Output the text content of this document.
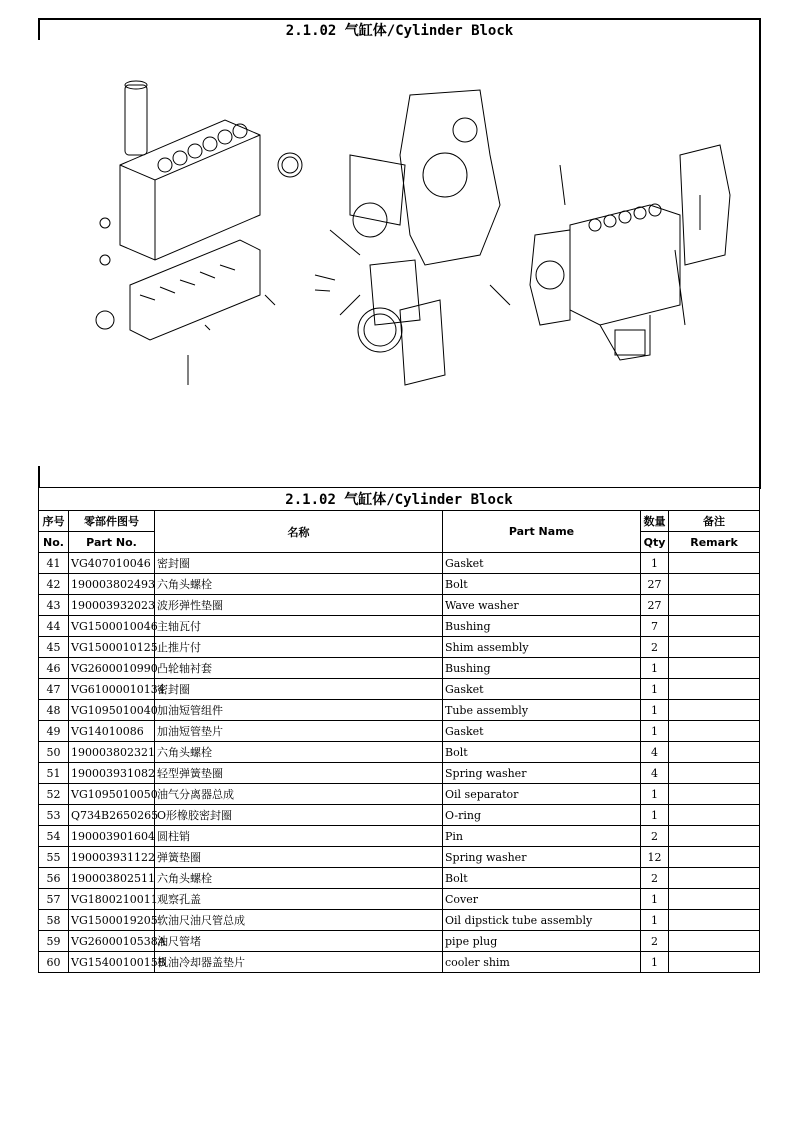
2.1.02 气缸体/Cylinder Block
2.1.02 气缸体/Cylinder Block					
序号	零部件图号	名称	Part Name	数量	备注
No.	Part No.			Qty	Remark
41	VG407010046	密封圈	Gasket	1	
42	190003802493	六角头螺栓	Bolt	27	
43	190003932023	波形弹性垫圈	Wave washer	27	
44	VG1500010046	主轴瓦付	Bushing	7	
45	VG1500010125	止推片付	Shim assembly	2	
46	VG2600010990	凸轮轴衬套	Bushing	1	
47	VG61000010134	密封圈	Gasket	1	
48	VG1095010040	加油短管组件	Tube assembly	1	
49	VG14010086	加油短管垫片	Gasket	1	
50	190003802321	六角头螺栓	Bolt	4	
51	190003931082	轻型弹簧垫圈	Spring washer	4	
52	VG1095010050	油气分离器总成	Oil separator	1	
53	Q734B2650265	O形橡胶密封圈	O-ring	1	
54	190003901604	圆柱销	Pin	2	
55	190003931122	弹簧垫圈	Spring washer	12	
56	190003802511	六角头螺栓	Bolt	2	
57	VG1800210011	观察孔盖	Cover	1	
58	VG1500019205	软油尺油尺管总成	Oil dipstick tube assembly	1	
59	VG2600010538A	油尺管堵	pipe plug	2	
60	VG1540010015B	机油冷却器盖垫片	cooler shim	1	
